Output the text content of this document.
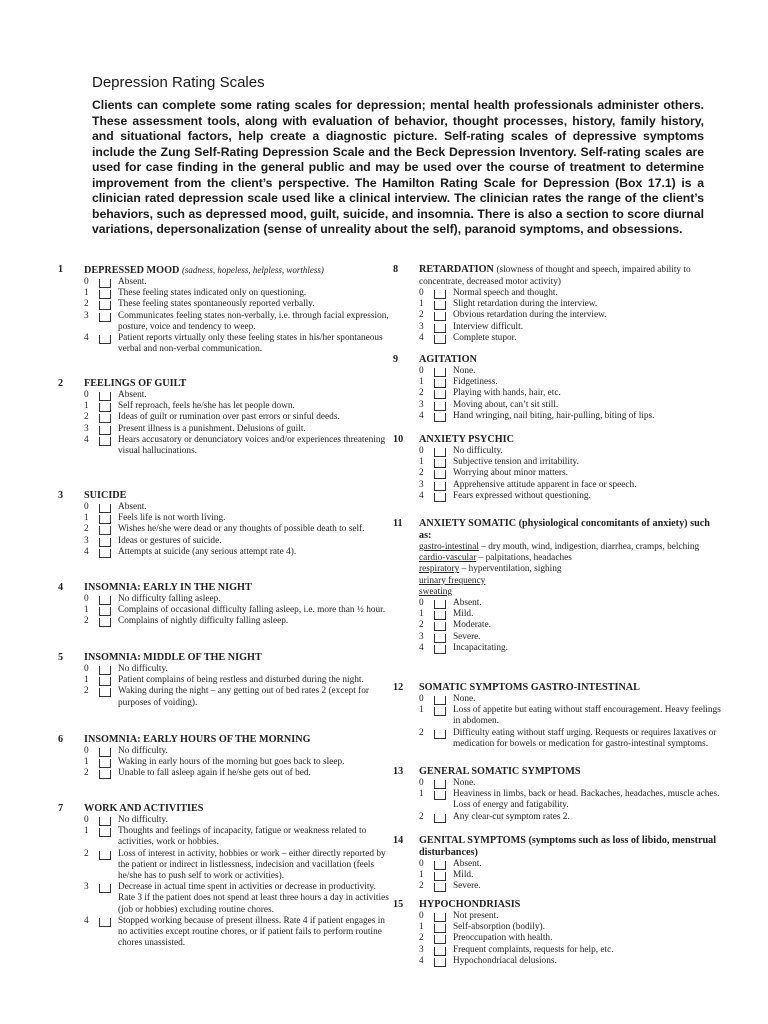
Depression Rating Scales

Clients can complete some rating scales for depression; mental health professionals administer others. These assessment tools, along with evaluation of behavior, thought processes, history, family history, and situational factors, help create a diagnostic picture. Self-rating scales of depressive symptoms include the Zung Self-Rating Depression Scale and the Beck Depression Inventory. Self-rating scales are used for case finding in the general public and may be used over the course of treatment to determine improvement from the client’s perspective. The Hamilton Rating Scale for Depression (Box 17.1) is a clinician rated depression scale used like a clinical interview. The clinician rates the range of the client’s behaviors, such as depressed mood, guilt, suicide, and insomnia. There is also a section to score diurnal variations, depersonalization (sense of unreality about the self), paranoid symptoms, and obsessions.

1	DEPRESSED MOOD (sadness, hopeless, helpless, worthless)
0	Absent.
1	These feeling states indicated only on questioning.
2	These feeling states spontaneously reported verbally.
3	Communicates feeling states non-verbally, i.e. through facial expression, posture, voice and tendency to weep.
4	Patient reports virtually only these feeling states in his/her spontaneous verbal and non-verbal communication.
2	FEELINGS OF GUILT
0	Absent.
1	Self reproach, feels he/she has let people down.
2	Ideas of guilt or rumination over past errors or sinful deeds.
3	Present illness is a punishment. Delusions of guilt.
4	Hears accusatory or denunciatory voices and/or experiences threatening visual hallucinations.
3	SUICIDE
0	Absent.
1	Feels life is not worth living.
2	Wishes he/she were dead or any thoughts of possible death to self.
3	Ideas or gestures of suicide.
4	Attempts at suicide (any serious attempt rate 4).
4	INSOMNIA: EARLY IN THE NIGHT
0	No difficulty falling asleep.
1	Complains of occasional difficulty falling asleep, i.e. more than ½ hour.
2	Complains of nightly difficulty falling asleep.
5	INSOMNIA: MIDDLE OF THE NIGHT
0	No difficulty.
1	Patient complains of being restless and disturbed during the night.
2	Waking during the night – any getting out of bed rates 2 (except for purposes of voiding).
6	INSOMNIA: EARLY HOURS OF THE MORNING
0	No difficulty.
1	Waking in early hours of the morning but goes back to sleep.
2	Unable to fall asleep again if he/she gets out of bed.
7	WORK AND ACTIVITIES
0	No difficulty.
1	Thoughts and feelings of incapacity, fatigue or weakness related to activities, work or hobbies.
2	Loss of interest in activity, hobbies or work – either directly reported by the patient or indirect in listlessness, indecision and vacillation (feels he/she has to push self to work or activities).
3	Decrease in actual time spent in activities or decrease in productivity. Rate 3 if the patient does not spend at least three hours a day in activities (job or hobbies) excluding routine chores.
4	Stopped working because of present illness. Rate 4 if patient engages in no activities except routine chores, or if patient fails to perform routine chores unassisted.
8	RETARDATION (slowness of thought and speech, impaired ability to concentrate, decreased motor activity)
0	Normal speech and thought.
1	Slight retardation during the interview.
2	Obvious retardation during the interview.
3	Interview difficult.
4	Complete stupor.
9	AGITATION
0	None.
1	Fidgetiness.
2	Playing with hands, hair, etc.
3	Moving about, can’t sit still.
4	Hand wringing, nail biting, hair-pulling, biting of lips.
10	ANXIETY PSYCHIC
0	No difficulty.
1	Subjective tension and irritability.
2	Worrying about minor matters.
3	Apprehensive attitude apparent in face or speech.
4	Fears expressed without questioning.
11	ANXIETY SOMATIC (physiological concomitants of anxiety) such as:
gastro-intestinal – dry mouth, wind, indigestion, diarrhea, cramps, belching
cardio-vascular – palpitations, headaches
respiratory – hyperventilation, sighing
urinary frequency
sweating
0	Absent.
1	Mild.
2	Moderate.
3	Severe.
4	Incapacitating.
12	SOMATIC SYMPTOMS GASTRO-INTESTINAL
0	None.
1	Loss of appetite but eating without staff encouragement. Heavy feelings in abdomen.
2	Difficulty eating without staff urging. Requests or requires laxatives or medication for bowels or medication for gastro-intestinal symptoms.
13	GENERAL SOMATIC SYMPTOMS
0	None.
1	Heaviness in limbs, back or head. Backaches, headaches, muscle aches. Loss of energy and fatigability.
2	Any clear-cut symptom rates 2.
14	GENITAL SYMPTOMS (symptoms such as loss of libido, menstrual disturbances)
0	Absent.
1	Mild.
2	Severe.
15	HYPOCHONDRIASIS
0	Not present.
1	Self-absorption (bodily).
2	Preoccupation with health.
3	Frequent complaints, requests for help, etc.
4	Hypochondriacal delusions.
